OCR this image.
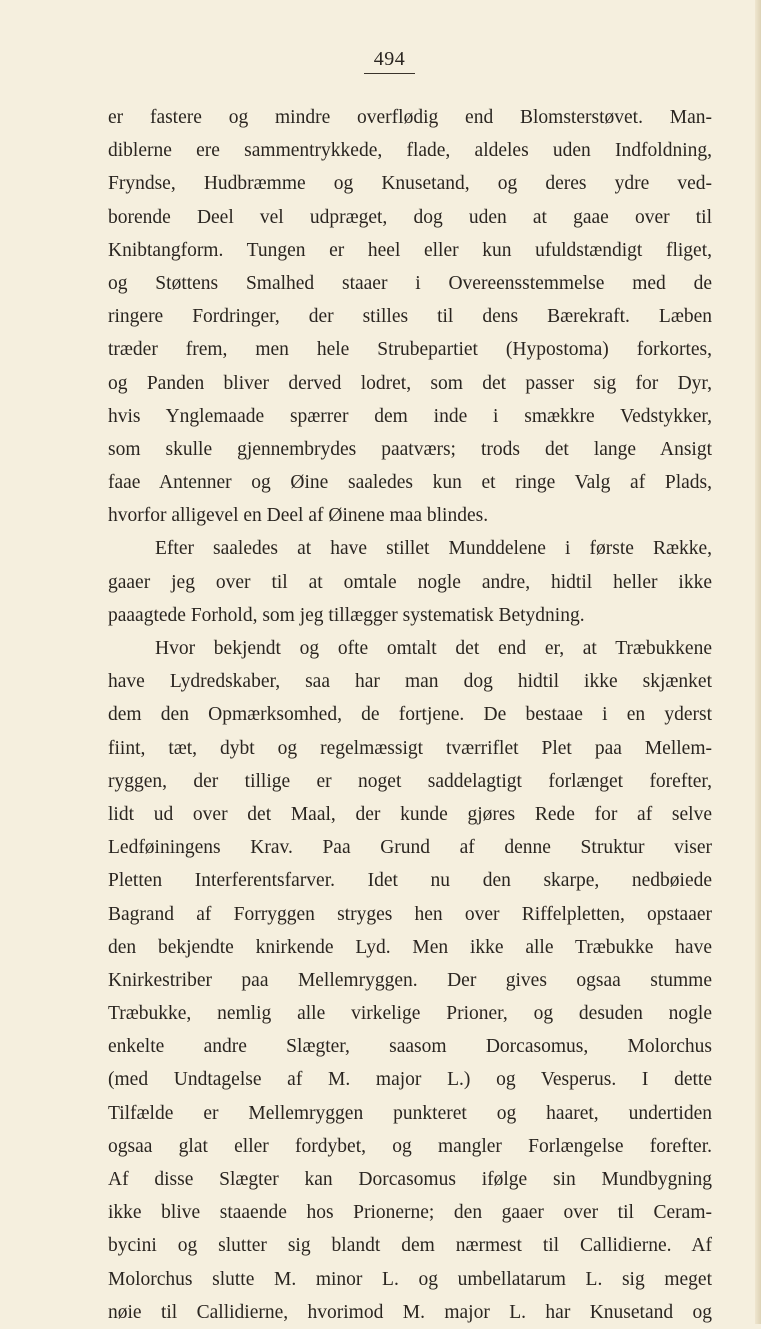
494
er fastere og mindre overflødig end Blomsterstøvet. Man-
diblerne ere sammentrykkede, flade, aldeles uden Indfoldning,
Fryndse, Hudbræmme og Knusetand, og deres ydre ved-
borende Deel vel udpræget, dog uden at gaae over til
Knibtangform. Tungen er heel eller kun ufuldstændigt fliget,
og Støttens Smalhed staaer i Overeensstemmelse med de
ringere Fordringer, der stilles til dens Bærekraft. Læben
træder frem, men hele Strubepartiet (Hypostoma) forkortes,
og Panden bliver derved lodret, som det passer sig for Dyr,
hvis Ynglemaade spærrer dem inde i smækkre Vedstykker,
som skulle gjennembrydes paatværs; trods det lange Ansigt
faae Antenner og Øine saaledes kun et ringe Valg af Plads,
hvorfor alligevel en Deel af Øinene maa blindes.
Efter saaledes at have stillet Munddelene i første Række,
gaaer jeg over til at omtale nogle andre, hidtil heller ikke
paaagtede Forhold, som jeg tillægger systematisk Betydning.
Hvor bekjendt og ofte omtalt det end er, at Træbukkene
have Lydredskaber, saa har man dog hidtil ikke skjænket
dem den Opmærksomhed, de fortjene. De bestaae i en yderst
fiint, tæt, dybt og regelmæssigt tværriflet Plet paa Mellem-
ryggen, der tillige er noget saddelagtigt forlænget forefter,
lidt ud over det Maal, der kunde gjøres Rede for af selve
Ledføiningens Krav. Paa Grund af denne Struktur viser
Pletten Interferentsfarver. Idet nu den skarpe, nedbøiede
Bagrand af Forryggen stryges hen over Riffelpletten, opstaaer
den bekjendte knirkende Lyd. Men ikke alle Træbukke have
Knirkestriber paa Mellemryggen. Der gives ogsaa stumme
Træbukke, nemlig alle virkelige Prioner, og desuden nogle
enkelte andre Slægter, saasom Dorcasomus, Molorchus
(med Undtagelse af M. major L.) og Vesperus. I dette
Tilfælde er Mellemryggen punkteret og haaret, undertiden
ogsaa glat eller fordybet, og mangler Forlængelse forefter.
Af disse Slægter kan Dorcasomus ifølge sin Mundbygning
ikke blive staaende hos Prionerne; den gaaer over til Ceram-
bycini og slutter sig blandt dem nærmest til Callidierne. Af
Molorchus slutte M. minor L. og umbellatarum L. sig meget
nøie til Callidierne, hvorimod M. major L. har Knusetand og
